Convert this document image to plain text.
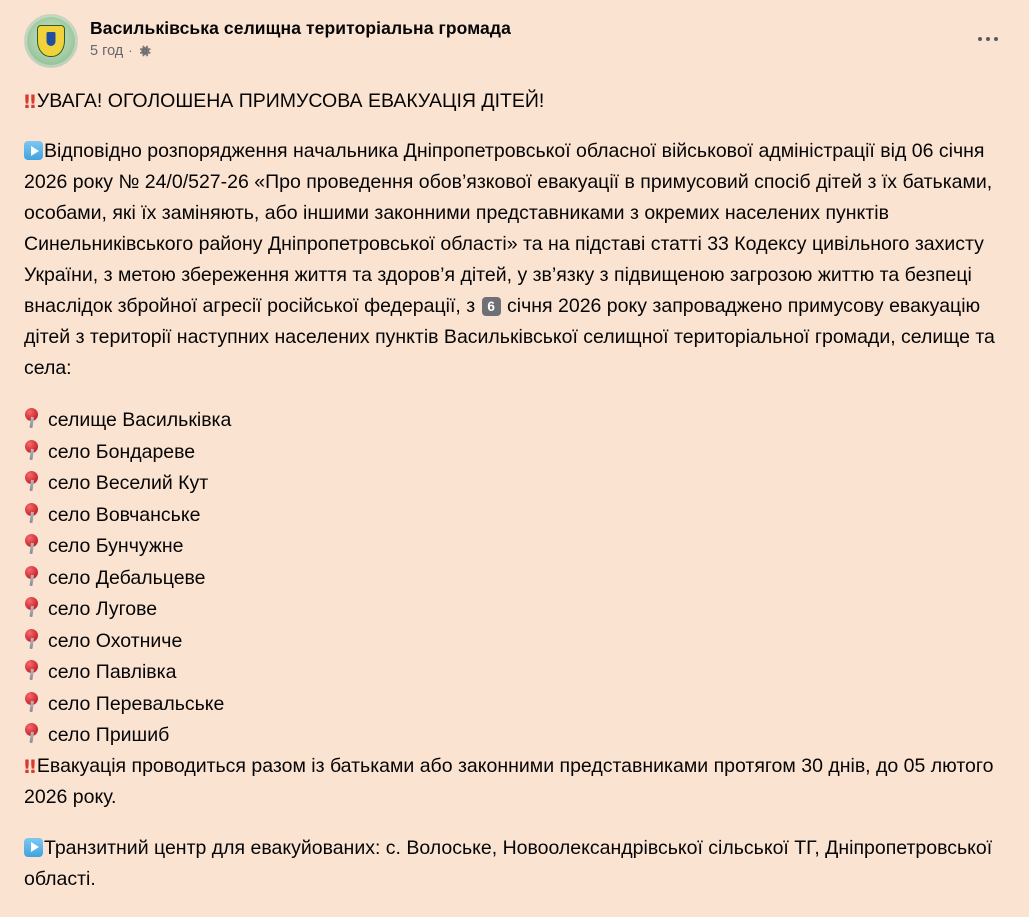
Васильківська селищна територіальна громада
5 год ·

‼ УВАГА! ОГОЛОШЕНА ПРИМУСОВА ЕВАКУАЦІЯ ДІТЕЙ!

Відповідно розпорядження начальника Дніпропетровської обласної військової адміністрації від 06 січня 2026 року № 24/0/527-26 «Про проведення обов’язкової евакуації в примусовий спосіб дітей з їх батьками, особами, які їх заміняють, або іншими законними представниками з окремих населених пунктів Синельниківського району Дніпропетровської області» та на підставі статті 33 Кодексу цивільного захисту України, з метою збереження життя та здоров’я дітей, у зв’язку з підвищеною загрозою життю та безпеці внаслідок збройної агресії російської федерації, з 6 січня 2026 року запроваджено примусову евакуацію дітей з території наступних населених пунктів Васильківської селищної територіальної громади, селище та села:

селище Васильківка
село Бондареве
село Веселий Кут
село Вовчанське
село Бунчужне
село Дебальцеве
село Лугове
село Охотниче
село Павлівка
село Перевальське
село Пришиб

‼ Евакуація проводиться разом із батьками або законними представниками протягом 30 днів, до 05 лютого 2026 року.

Транзитний центр для евакуйованих: с. Волоське, Новоолександрівської сільської ТГ, Дніпропетровської області.
